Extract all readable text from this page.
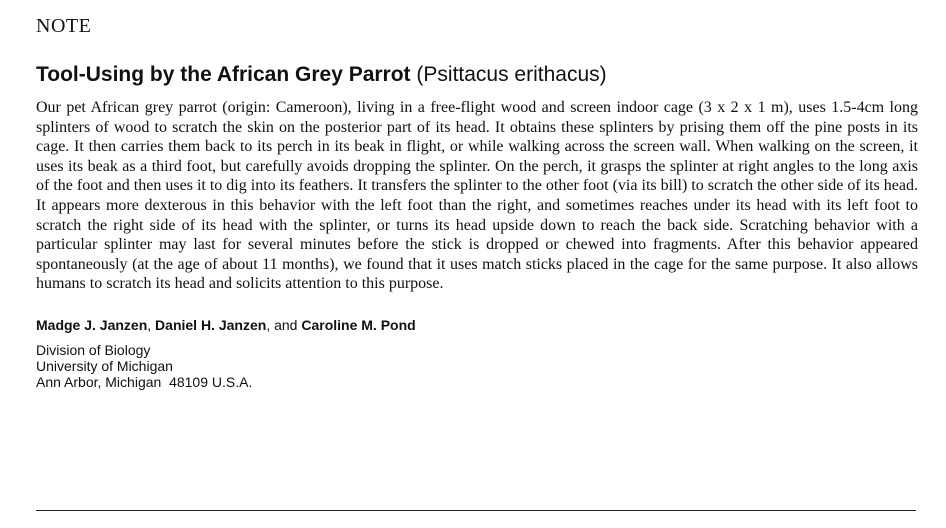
NOTE

Tool-Using by the African Grey Parrot (Psittacus erithacus)

Our pet African grey parrot (origin: Cameroon), living in a free-flight wood and screen indoor cage (3 x 2 x 1 m), uses 1.5-4cm long splinters of wood to scratch the skin on the posterior part of its head. It obtains these splinters by prising them off the pine posts in its cage. It then carries them back to its perch in its beak in flight, or while walking across the screen wall. When walking on the screen, it uses its beak as a third foot, but carefully avoids dropping the splinter. On the perch, it grasps the splinter at right angles to the long axis of the foot and then uses it to dig into its feathers. It transfers the splinter to the other foot (via its bill) to scratch the other side of its head. It appears more dexterous in this behavior with the left foot than the right, and sometimes reaches under its head with its left foot to scratch the right side of its head with the splinter, or turns its head upside down to reach the back side. Scratching behavior with a particular splinter may last for several minutes before the stick is dropped or chewed into fragments. After this behavior appeared spontaneously (at the age of about 11 months), we found that it uses match sticks placed in the cage for the same purpose. It also allows humans to scratch its head and solicits attention to this purpose.

Madge J. Janzen, Daniel H. Janzen, and Caroline M. Pond

Division of Biology
University of Michigan
Ann Arbor, Michigan  48109 U.S.A.
